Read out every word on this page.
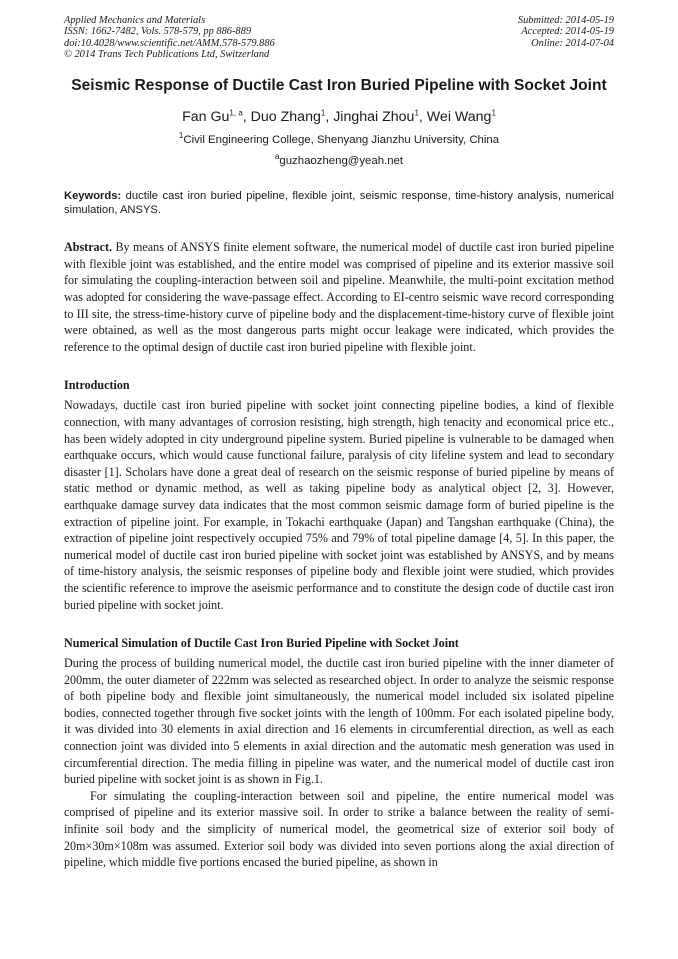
Applied Mechanics and Materials
ISSN: 1662-7482, Vols. 578-579, pp 886-889
doi:10.4028/www.scientific.net/AMM.578-579.886
© 2014 Trans Tech Publications Ltd, Switzerland
Submitted: 2014-05-19
Accepted: 2014-05-19
Online: 2014-07-04
Seismic Response of Ductile Cast Iron Buried Pipeline with Socket Joint
Fan Gu$^{1, a}$, Duo Zhang$^1$, Jinghai Zhou$^1$, Wei Wang$^1$
$^1$Civil Engineering College, Shenyang Jianzhu University, China
$^a$guzhaozheng@yeah.net
Keywords: ductile cast iron buried pipeline, flexible joint, seismic response, time-history analysis, numerical simulation, ANSYS.
Abstract. By means of ANSYS finite element software, the numerical model of ductile cast iron buried pipeline with flexible joint was established, and the entire model was comprised of pipeline and its exterior massive soil for simulating the coupling-interaction between soil and pipeline. Meanwhile, the multi-point excitation method was adopted for considering the wave-passage effect. According to EI-centro seismic wave record corresponding to III site, the stress-time-history curve of pipeline body and the displacement-time-history curve of flexible joint were obtained, as well as the most dangerous parts might occur leakage were indicated, which provides the reference to the optimal design of ductile cast iron buried pipeline with flexible joint.
Introduction

Nowadays, ductile cast iron buried pipeline with socket joint connecting pipeline bodies, a kind of flexible connection, with many advantages of corrosion resisting, high strength, high tenacity and economical price etc., has been widely adopted in city underground pipeline system. Buried pipeline is vulnerable to be damaged when earthquake occurs, which would cause functional failure, paralysis of city lifeline system and lead to secondary disaster [1]. Scholars have done a great deal of research on the seismic response of buried pipeline by means of static method or dynamic method, as well as taking pipeline body as analytical object [2, 3]. However, earthquake damage survey data indicates that the most common seismic damage form of buried pipeline is the extraction of pipeline joint. For example, in Tokachi earthquake (Japan) and Tangshan earthquake (China), the extraction of pipeline joint respectively occupied 75% and 79% of total pipeline damage [4, 5]. In this paper, the numerical model of ductile cast iron buried pipeline with socket joint was established by ANSYS, and by means of time-history analysis, the seismic responses of pipeline body and flexible joint were studied, which provides the scientific reference to improve the aseismic performance and to constitute the design code of ductile cast iron buried pipeline with socket joint.

Numerical Simulation of Ductile Cast Iron Buried Pipeline with Socket Joint

During the process of building numerical model, the ductile cast iron buried pipeline with the inner diameter of 200mm, the outer diameter of 222mm was selected as researched object. In order to analyze the seismic response of both pipeline body and flexible joint simultaneously, the numerical model included six isolated pipeline bodies, connected together through five socket joints with the length of 100mm. For each isolated pipeline body, it was divided into 30 elements in axial direction and 16 elements in circumferential direction, as well as each connection joint was divided into 5 elements in axial direction and the automatic mesh generation was used in circumferential direction. The media filling in pipeline was water, and the numerical model of ductile cast iron buried pipeline with socket joint is as shown in Fig.1.

For simulating the coupling-interaction between soil and pipeline, the entire numerical model was comprised of pipeline and its exterior massive soil. In order to strike a balance between the reality of semi-infinite soil body and the simplicity of numerical model, the geometrical size of exterior soil body of 20m×30m×108m was assumed. Exterior soil body was divided into seven portions along the axial direction of pipeline, which middle five portions encased the buried pipeline, as shown in
